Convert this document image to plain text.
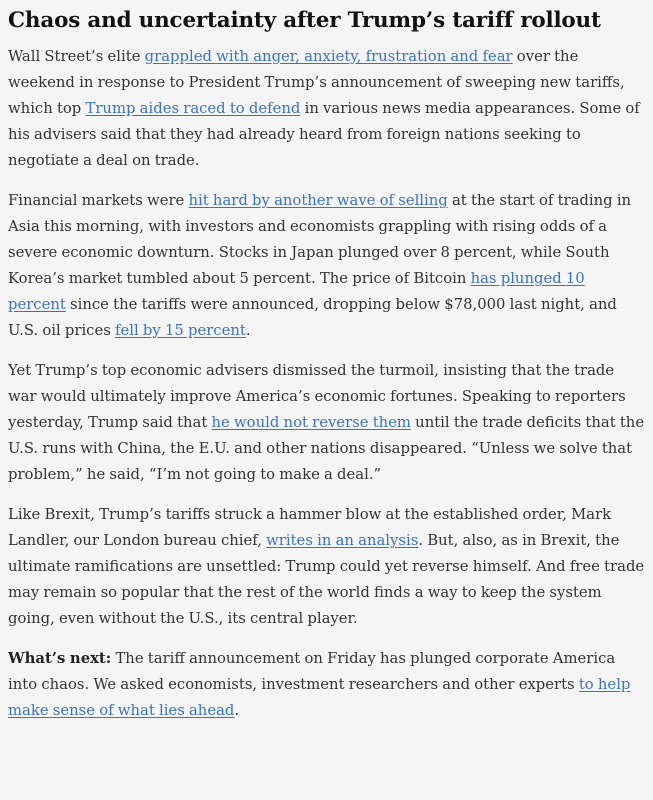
Chaos and uncertainty after Trump’s tariff rollout

Wall Street’s elite grappled with anger, anxiety, frustration and fear over the weekend in response to President Trump’s announcement of sweeping new tariffs, which top Trump aides raced to defend in various news media appearances. Some of his advisers said that they had already heard from foreign nations seeking to negotiate a deal on trade.

Financial markets were hit hard by another wave of selling at the start of trading in Asia this morning, with investors and economists grappling with rising odds of a severe economic downturn. Stocks in Japan plunged over 8 percent, while South Korea’s market tumbled about 5 percent. The price of Bitcoin has plunged 10 percent since the tariffs were announced, dropping below $78,000 last night, and U.S. oil prices fell by 15 percent.

Yet Trump’s top economic advisers dismissed the turmoil, insisting that the trade war would ultimately improve America’s economic fortunes. Speaking to reporters yesterday, Trump said that he would not reverse them until the trade deficits that the U.S. runs with China, the E.U. and other nations disappeared. “Unless we solve that problem,” he said, “I’m not going to make a deal.”

Like Brexit, Trump’s tariffs struck a hammer blow at the established order, Mark Landler, our London bureau chief, writes in an analysis. But, also, as in Brexit, the ultimate ramifications are unsettled: Trump could yet reverse himself. And free trade may remain so popular that the rest of the world finds a way to keep the system going, even without the U.S., its central player.

What’s next: The tariff announcement on Friday has plunged corporate America into chaos. We asked economists, investment researchers and other experts to help make sense of what lies ahead.
